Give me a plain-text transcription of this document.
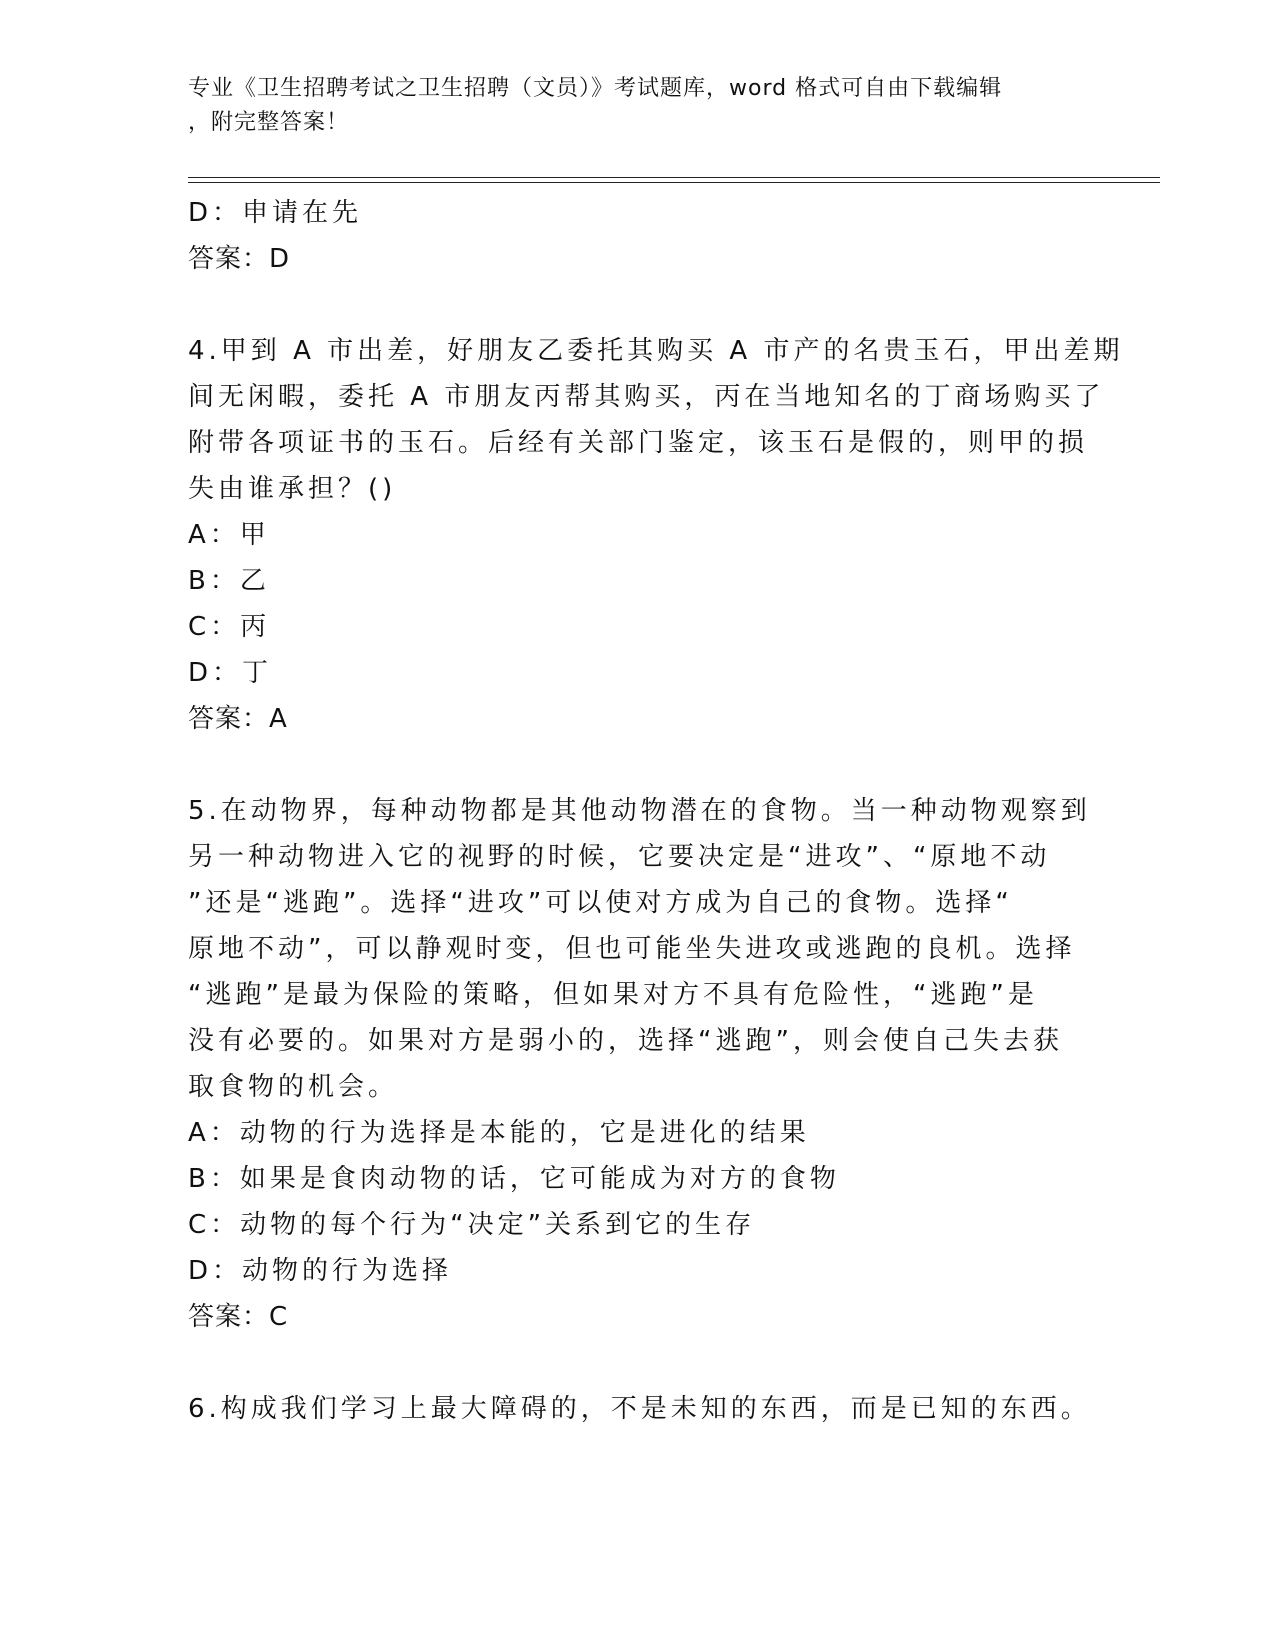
专业《卫生招聘考试之卫生招聘（文员）》考试题库，word 格式可自由下载编辑
，附完整答案！

D：申请在先

答案：D

4.甲到 A 市出差，好朋友乙委托其购买 A 市产的名贵玉石，甲出差期

间无闲暇，委托 A 市朋友丙帮其购买，丙在当地知名的丁商场购买了

附带各项证书的玉石。后经有关部门鉴定，该玉石是假的，则甲的损

失由谁承担？()

A：甲

B：乙

C：丙

D：丁

答案：A

5.在动物界，每种动物都是其他动物潜在的食物。当一种动物观察到

另一种动物进入它的视野的时候，它要决定是“进攻”、“原地不动

”还是“逃跑”。选择“进攻”可以使对方成为自己的食物。选择“

原地不动”，可以静观时变，但也可能坐失进攻或逃跑的良机。选择

“逃跑”是最为保险的策略，但如果对方不具有危险性，“逃跑”是

没有必要的。如果对方是弱小的，选择“逃跑”，则会使自己失去获

取食物的机会。

A：动物的行为选择是本能的，它是进化的结果

B：如果是食肉动物的话，它可能成为对方的食物

C：动物的每个行为“决定”关系到它的生存

D：动物的行为选择

答案：C

6.构成我们学习上最大障碍的，不是未知的东西，而是已知的东西。
